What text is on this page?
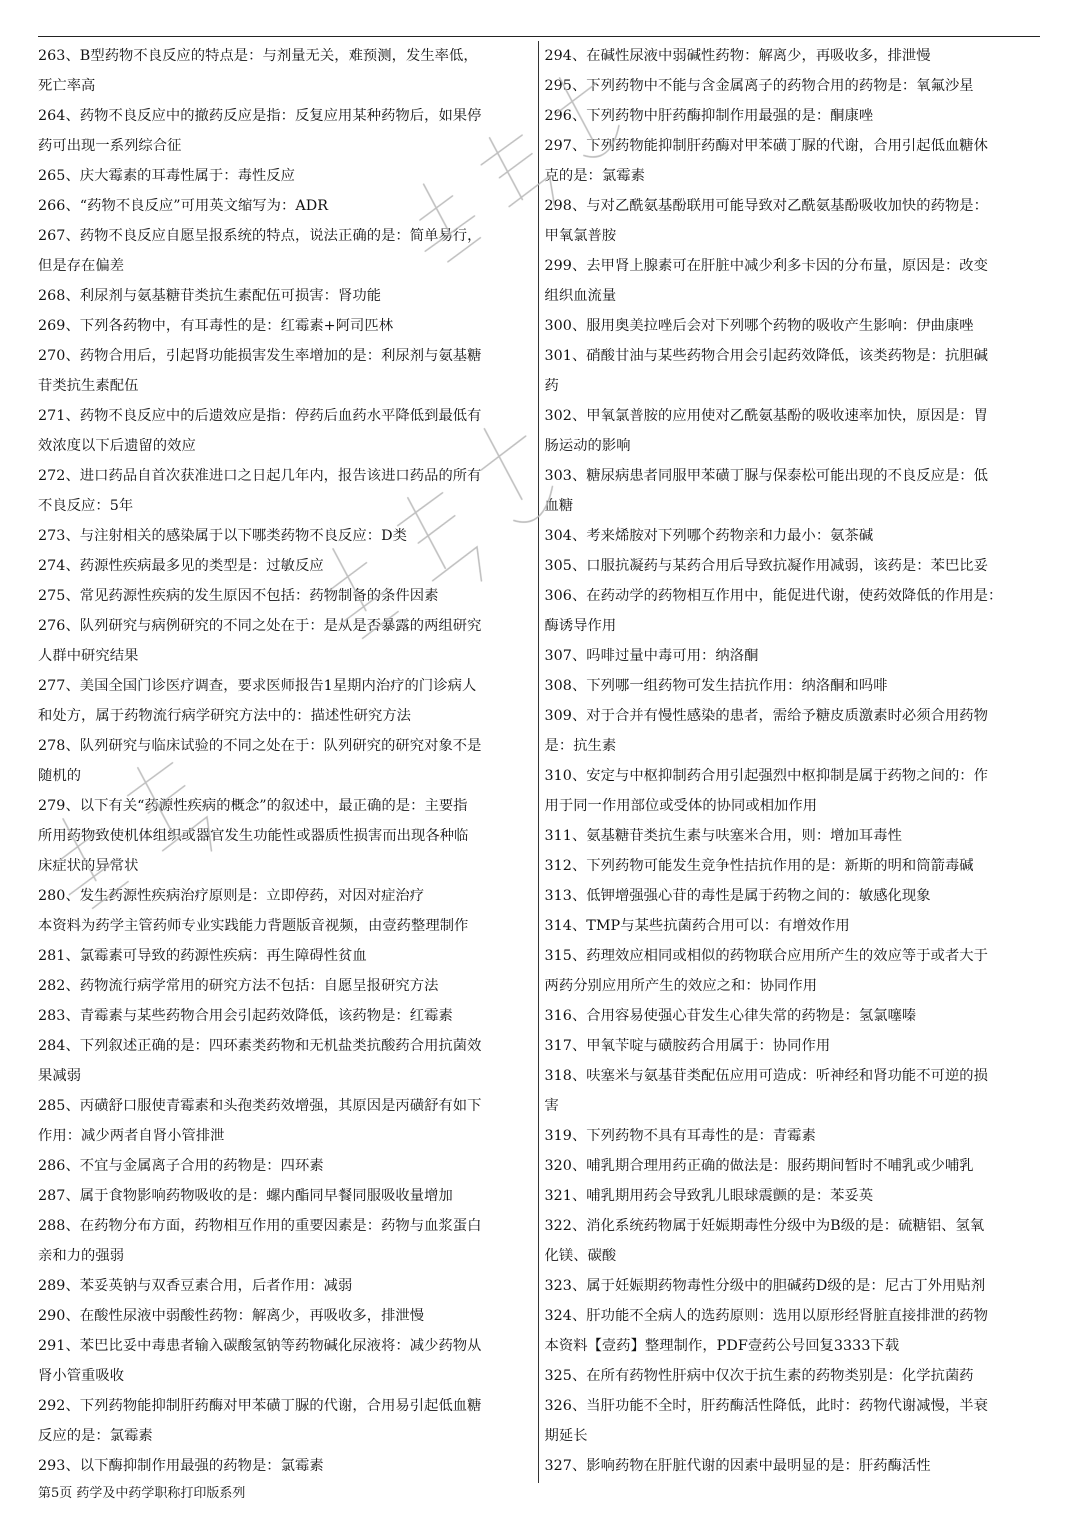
263、B型药物不良反应的特点是：与剂量无关，难预测，发生率低，
死亡率高
264、药物不良反应中的撤药反应是指：反复应用某种药物后，如果停
药可出现一系列综合征
265、庆大霉素的耳毒性属于：毒性反应
266、“药物不良反应”可用英文缩写为：ADR
267、药物不良反应自愿呈报系统的特点，说法正确的是：简单易行，
但是存在偏差
268、利尿剂与氨基糖苷类抗生素配伍可损害：肾功能
269、下列各药物中，有耳毒性的是：红霉素+阿司匹林
270、药物合用后，引起肾功能损害发生率增加的是：利尿剂与氨基糖
苷类抗生素配伍
271、药物不良反应中的后遗效应是指：停药后血药水平降低到最低有
效浓度以下后遗留的效应
272、进口药品自首次获准进口之日起几年内，报告该进口药品的所有
不良反应：5年
273、与注射相关的感染属于以下哪类药物不良反应：D类
274、药源性疾病最多见的类型是：过敏反应
275、常见药源性疾病的发生原因不包括：药物制备的条件因素
276、队列研究与病例研究的不同之处在于：是从是否暴露的两组研究
人群中研究结果
277、美国全国门诊医疗调查，要求医师报告1星期内治疗的门诊病人
和处方，属于药物流行病学研究方法中的：描述性研究方法
278、队列研究与临床试验的不同之处在于：队列研究的研究对象不是
随机的
279、以下有关“药源性疾病的概念”的叙述中，最正确的是：主要指
所用药物致使机体组织或器官发生功能性或器质性损害而出现各种临
床症状的异常状
280、发生药源性疾病治疗原则是：立即停药，对因对症治疗
本资料为药学主管药师专业实践能力背题版音视频，由壹药整理制作
281、氯霉素可导致的药源性疾病：再生障碍性贫血
282、药物流行病学常用的研究方法不包括：自愿呈报研究方法
283、青霉素与某些药物合用会引起药效降低，该药物是：红霉素
284、下列叙述正确的是：四环素类药物和无机盐类抗酸药合用抗菌效
果减弱
285、丙磺舒口服使青霉素和头孢类药效增强，其原因是丙磺舒有如下
作用：减少两者自肾小管排泄
286、不宜与金属离子合用的药物是：四环素
287、属于食物影响药物吸收的是：螺内酯同早餐同服吸收量增加
288、在药物分布方面，药物相互作用的重要因素是：药物与血浆蛋白
亲和力的强弱
289、苯妥英钠与双香豆素合用，后者作用：减弱
290、在酸性尿液中弱酸性药物：解离少，再吸收多，排泄慢
291、苯巴比妥中毒患者输入碳酸氢钠等药物碱化尿液将：减少药物从
肾小管重吸收
292、下列药物能抑制肝药酶对甲苯磺丁脲的代谢，合用易引起低血糖
反应的是：氯霉素
293、以下酶抑制作用最强的药物是：氯霉素
294、在碱性尿液中弱碱性药物：解离少，再吸收多，排泄慢
295、下列药物中不能与含金属离子的药物合用的药物是：氧氟沙星
296、下列药物中肝药酶抑制作用最强的是：酮康唑
297、下列药物能抑制肝药酶对甲苯磺丁脲的代谢，合用引起低血糖休
克的是：氯霉素
298、与对乙酰氨基酚联用可能导致对乙酰氨基酚吸收加快的药物是：
甲氧氯普胺
299、去甲肾上腺素可在肝脏中减少利多卡因的分布量，原因是：改变
组织血流量
300、服用奥美拉唑后会对下列哪个药物的吸收产生影响：伊曲康唑
301、硝酸甘油与某些药物合用会引起药效降低，该类药物是：抗胆碱
药
302、甲氧氯普胺的应用使对乙酰氨基酚的吸收速率加快，原因是：胃
肠运动的影响
303、糖尿病患者同服甲苯磺丁脲与保泰松可能出现的不良反应是：低
血糖
304、考来烯胺对下列哪个药物亲和力最小：氨茶碱
305、口服抗凝药与某药合用后导致抗凝作用减弱，该药是：苯巴比妥
306、在药动学的药物相互作用中，能促进代谢，使药效降低的作用是：
酶诱导作用
307、吗啡过量中毒可用：纳洛酮
308、下列哪一组药物可发生拮抗作用：纳洛酮和吗啡
309、对于合并有慢性感染的患者，需给予糖皮质激素时必须合用药物
是：抗生素
310、安定与中枢抑制药合用引起强烈中枢抑制是属于药物之间的：作
用于同一作用部位或受体的协同或相加作用
311、氨基糖苷类抗生素与呋塞米合用，则：增加耳毒性
312、下列药物可能发生竞争性拮抗作用的是：新斯的明和筒箭毒碱
313、低钾增强强心苷的毒性是属于药物之间的：敏感化现象
314、TMP与某些抗菌药合用可以：有增效作用
315、药理效应相同或相似的药物联合应用所产生的效应等于或者大于
两药分别应用所产生的效应之和：协同作用
316、合用容易使强心苷发生心律失常的药物是：氢氯噻嗪
317、甲氧苄啶与磺胺药合用属于：协同作用
318、呋塞米与氨基苷类配伍应用可造成：听神经和肾功能不可逆的损
害
319、下列药物不具有耳毒性的是：青霉素
320、哺乳期合理用药正确的做法是：服药期间暂时不哺乳或少哺乳
321、哺乳期用药会导致乳儿眼球震颤的是：苯妥英
322、消化系统药物属于妊娠期毒性分级中为B级的是：硫糖铝、氢氧
化镁、碳酸
323、属于妊娠期药物毒性分级中的胆碱药D级的是：尼古丁外用贴剂
324、肝功能不全病人的选药原则：选用以原形经肾脏直接排泄的药物
本资料【壹药】整理制作，PDF壹药公号回复3333下载
325、在所有药物性肝病中仅次于抗生素的药物类别是：化学抗菌药
326、当肝功能不全时，肝药酶活性降低，此时：药物代谢减慢，半衰
期延长
327、影响药物在肝脏代谢的因素中最明显的是：肝药酶活性
第5页 药学及中药学职称打印版系列
